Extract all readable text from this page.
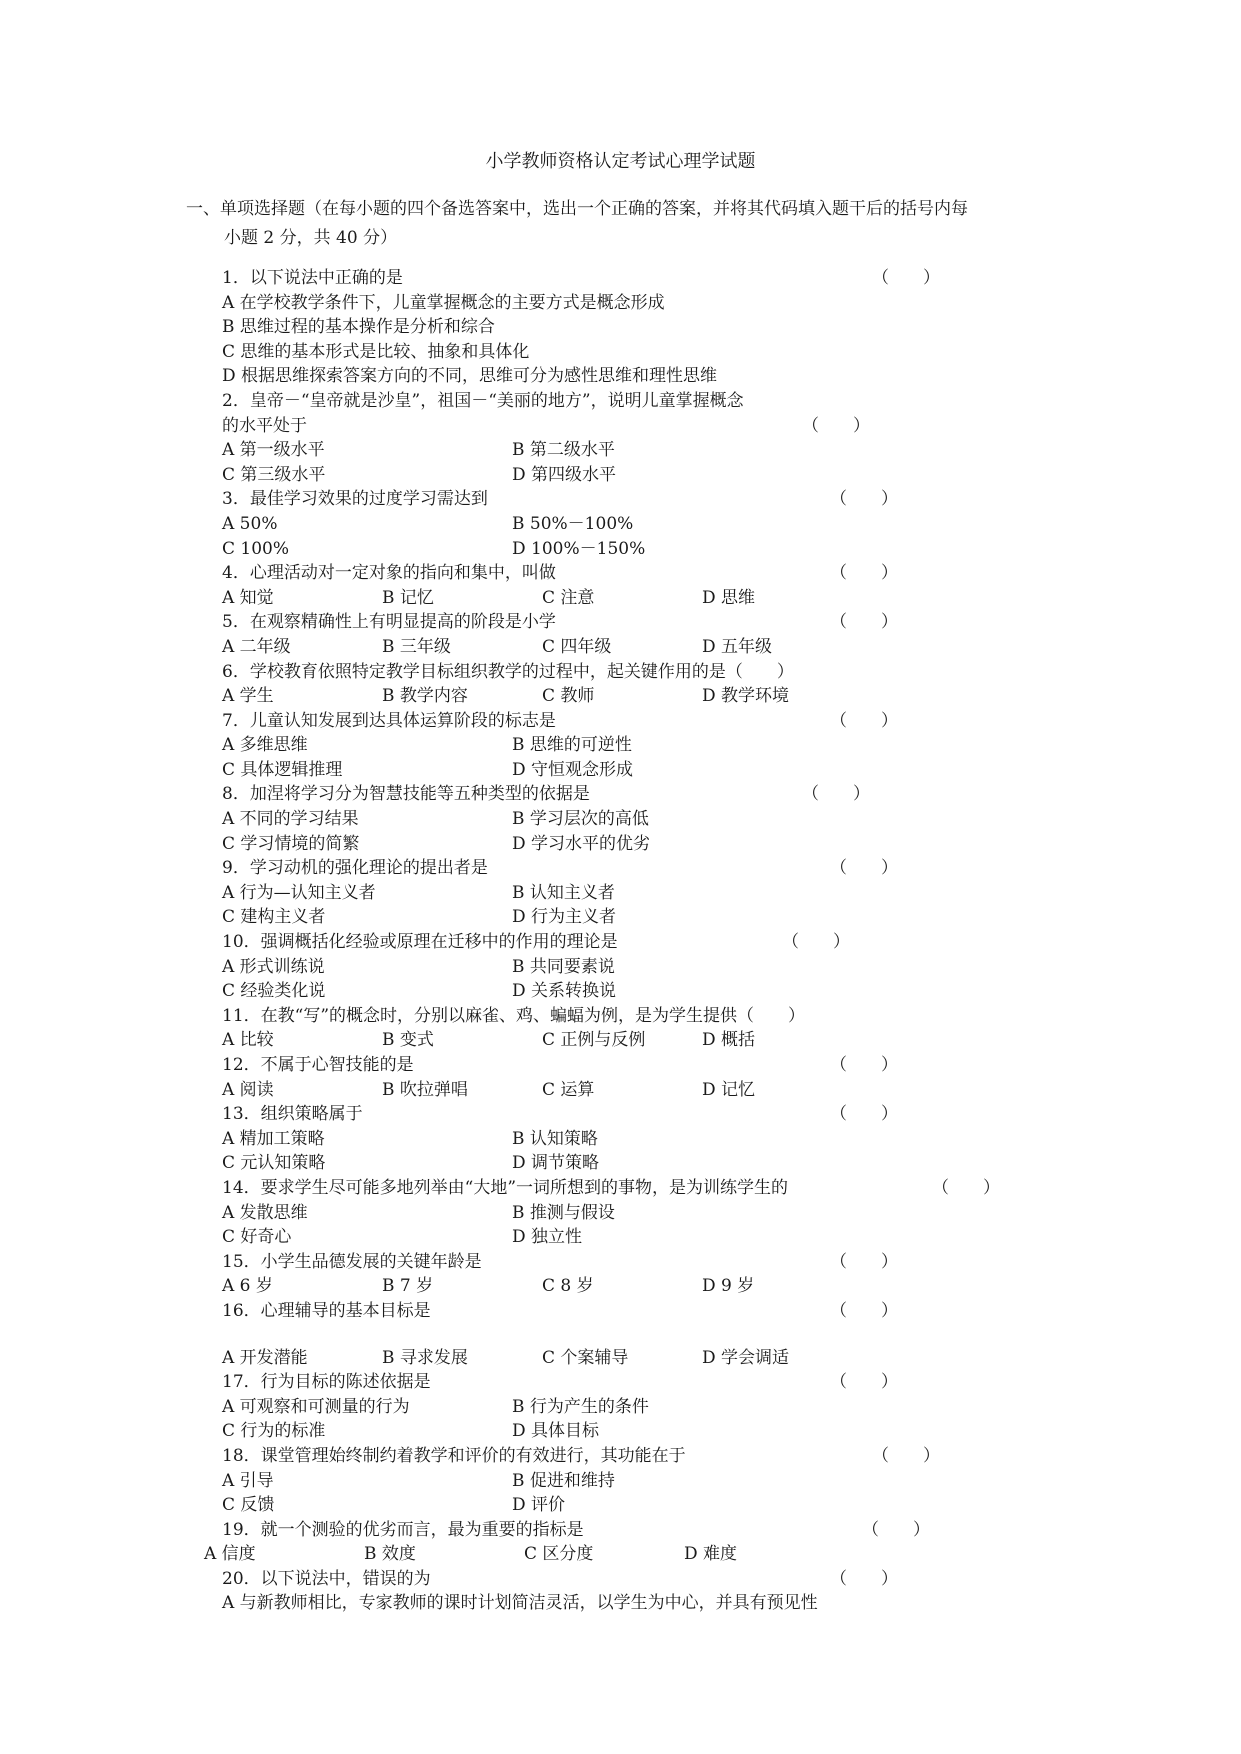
小学教师资格认定考试心理学试题
一、单项选择题（在每小题的四个备选答案中，选出一个正确的答案，并将其代码填入题干后的括号内每
小题 2 分，共 40 分）
1．以下说法中正确的是	（　　）
A 在学校教学条件下，儿童掌握概念的主要方式是概念形成
B 思维过程的基本操作是分析和综合
C 思维的基本形式是比较、抽象和具体化
D 根据思维探索答案方向的不同，思维可分为感性思维和理性思维
2．皇帝－“皇帝就是沙皇”，祖国－“美丽的地方”，说明儿童掌握概念
的水平处于	（　　）
A 第一级水平	B 第二级水平
C 第三级水平	D 第四级水平
3．最佳学习效果的过度学习需达到	（　　）
A 50%	B 50%－100%
C 100%	D 100%－150%
4．心理活动对一定对象的指向和集中，叫做	（　　）
A 知觉	B 记忆	C 注意	D 思维
5．在观察精确性上有明显提高的阶段是小学	（　　）
A 二年级	B 三年级	C 四年级	D 五年级
6．学校教育依照特定教学目标组织教学的过程中，起关键作用的是（　　）
A 学生	B 教学内容	C 教师	D 教学环境
7．儿童认知发展到达具体运算阶段的标志是	（　　）
A 多维思维	B 思维的可逆性
C 具体逻辑推理	D 守恒观念形成
8．加涅将学习分为智慧技能等五种类型的依据是	（　　）
A 不同的学习结果	B 学习层次的高低
C 学习情境的简繁	D 学习水平的优劣
9．学习动机的强化理论的提出者是	（　　）
A 行为—认知主义者	B 认知主义者
C 建构主义者	D 行为主义者
10．强调概括化经验或原理在迁移中的作用的理论是	（　　）
A 形式训练说	B 共同要素说
C 经验类化说	D 关系转换说
11．在教“写”的概念时，分别以麻雀、鸡、蝙蝠为例，是为学生提供（　　）
A 比较	B 变式	C 正例与反例	D 概括
12．不属于心智技能的是	（　　）
A 阅读	B 吹拉弹唱	C 运算	D 记忆
13．组织策略属于	（　　）
A 精加工策略	B 认知策略
C 元认知策略	D 调节策略
14．要求学生尽可能多地列举由“大地”一词所想到的事物，是为训练学生的	（　　）
A 发散思维	B 推测与假设
C 好奇心	D 独立性
15．小学生品德发展的关键年龄是	（　　）
A 6 岁	B 7 岁	C 8 岁	D 9 岁
16．心理辅导的基本目标是	（　　）
A 开发潜能	B 寻求发展	C 个案辅导	D 学会调适
17．行为目标的陈述依据是	（　　）
A 可观察和可测量的行为	B 行为产生的条件
C 行为的标准	D 具体目标
18．课堂管理始终制约着教学和评价的有效进行，其功能在于	（　　）
A 引导	B 促进和维持
C 反馈	D 评价
19．就一个测验的优劣而言，最为重要的指标是	（　　）
A 信度	B 效度	C 区分度	D 难度
20．以下说法中，错误的为	（　　）
A 与新教师相比，专家教师的课时计划简洁灵活，以学生为中心，并具有预见性
